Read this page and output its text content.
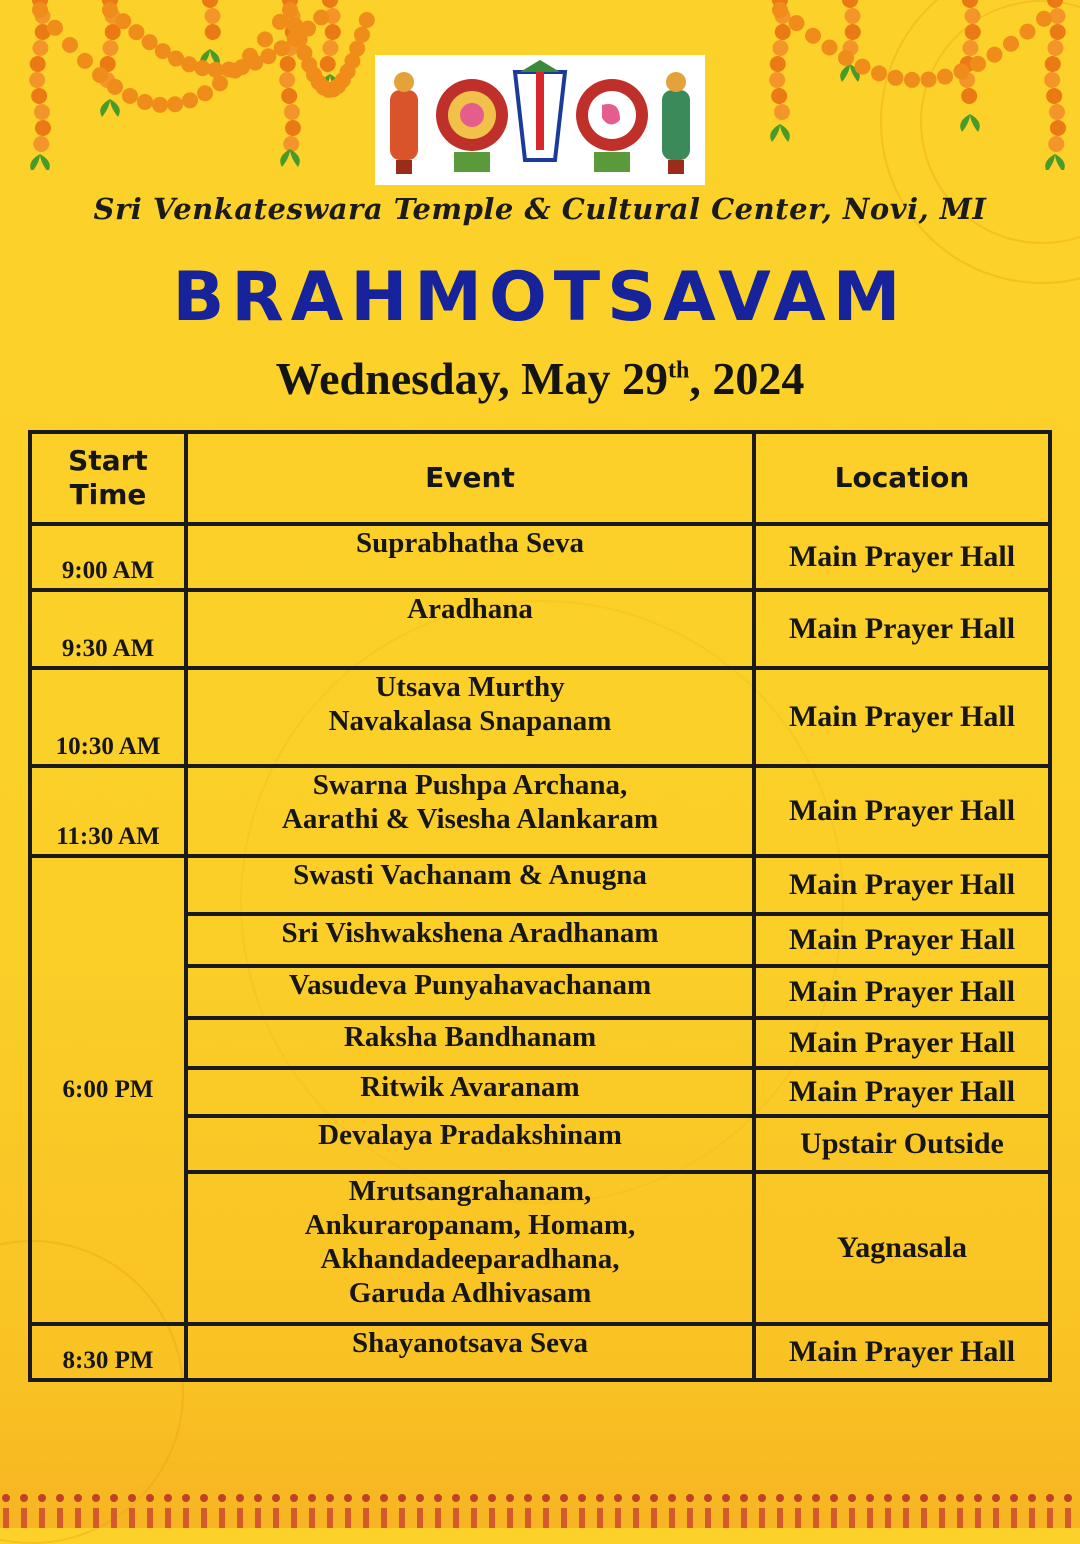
Sri Venkateswara Temple & Cultural Center, Novi, MI
BRAHMOTSAVAM
Wednesday, May 29th, 2024
Start
Time	Event	Location
9:00 AM	Suprabhatha Seva	Main Prayer Hall
9:30 AM	Aradhana	Main Prayer Hall
10:30 AM	Utsava Murthy
Navakalasa Snapanam	Main Prayer Hall
11:30 AM	Swarna Pushpa Archana,
Aarathi & Visesha Alankaram	Main Prayer Hall
6:00 PM	Swasti Vachanam & Anugna	Main Prayer Hall

	Sri Vishwakshena Aradhanam	Main Prayer Hall

	Vasudeva Punyahavachanam	Main Prayer Hall

	Raksha Bandhanam	Main Prayer Hall

	Ritwik Avaranam	Main Prayer Hall

	Devalaya Pradakshinam	Upstair Outside

	Mrutsangrahanam,
Ankuraropanam, Homam,
Akhandadeeparadhana,
Garuda Adhivasam	Yagnasala
8:30 PM	Shayanotsava Seva	Main Prayer Hall
